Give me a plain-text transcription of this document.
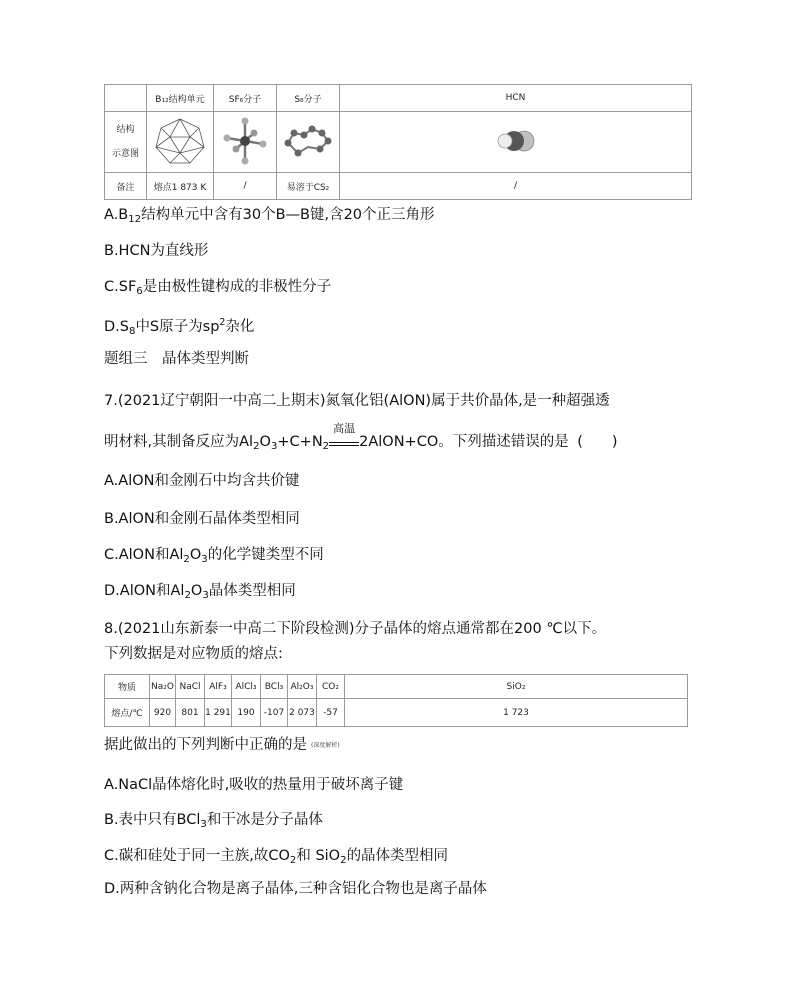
	B₁₂结构单元	SF₆分子	S₈分子	HCN

结构
示意图

备注	熔点1 873 K	/	易溶于CS₂	/
$A.B_{12}$结构单元中含有30个B—B键,含20个正三角形
B.HCN为直线形
$C.SF_6$是由极性键构成的非极性分子
$D.S_8$中S原子为$sp^2$杂化
题组三　晶体类型判断
7.(2021辽宁朝阳一中高二上期末)氮氧化铝(AlON)属于共价晶体,是一种超强透
明材料,其制备反应为$Al_2O_3+C+N_2$
高温
2AlON+CO。下列描述错误的是 (　　)
A.AlON和金刚石中均含共价键
B.AlON和金刚石晶体类型相同
C.AlON和$Al_2O_3$的化学键类型不同
D.AlON和$Al_2O_3$晶体类型相同
8.(2021山东新泰一中高二下阶段检测)分子晶体的熔点通常都在200 ℃以下。
下列数据是对应物质的熔点:
物质	Na₂O	NaCl	AlF₃	AlCl₃	BCl₃	Al₂O₃	CO₂	SiO₂
熔点/℃	920	801	1 291	190	-107	2 073	-57	1 723
据此做出的下列判断中正确的是 (深度解析)
A.NaCl晶体熔化时,吸收的热量用于破坏离子键
B.表中只有BCl$_3$和干冰是分子晶体
C.碳和硅处于同一主族,故$CO_2$和 SiO$_2$的晶体类型相同
D.两种含钠化合物是离子晶体,三种含铝化合物也是离子晶体
